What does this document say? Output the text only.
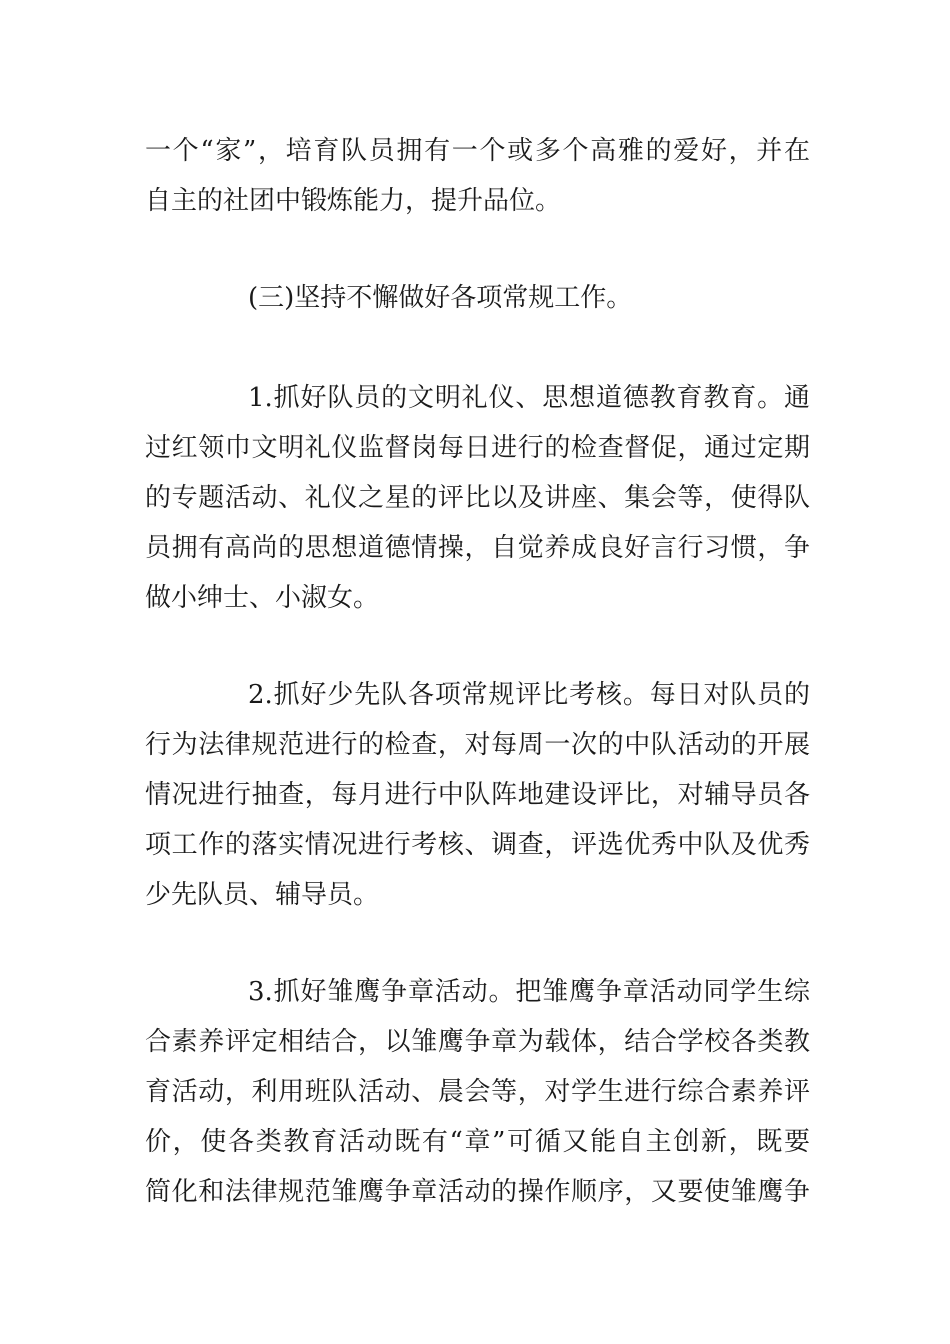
一个“家”，培育队员拥有一个或多个高雅的爱好，并在
自主的社团中锻炼能力，提升品位。
(三)坚持不懈做好各项常规工作。
1.抓好队员的文明礼仪、思想道德教育教育。通
过红领巾文明礼仪监督岗每日进行的检查督促，通过定期
的专题活动、礼仪之星的评比以及讲座、集会等，使得队
员拥有高尚的思想道德情操，自觉养成良好言行习惯，争
做小绅士、小淑女。
2.抓好少先队各项常规评比考核。每日对队员的
行为法律规范进行的检查，对每周一次的中队活动的开展
情况进行抽查，每月进行中队阵地建设评比，对辅导员各
项工作的落实情况进行考核、调查，评选优秀中队及优秀
少先队员、辅导员。
3.抓好雏鹰争章活动。把雏鹰争章活动同学生综
合素养评定相结合，以雏鹰争章为载体，结合学校各类教
育活动，利用班队活动、晨会等，对学生进行综合素养评
价，使各类教育活动既有“章”可循又能自主创新，既要
简化和法律规范雏鹰争章活动的操作顺序，又要使雏鹰争
